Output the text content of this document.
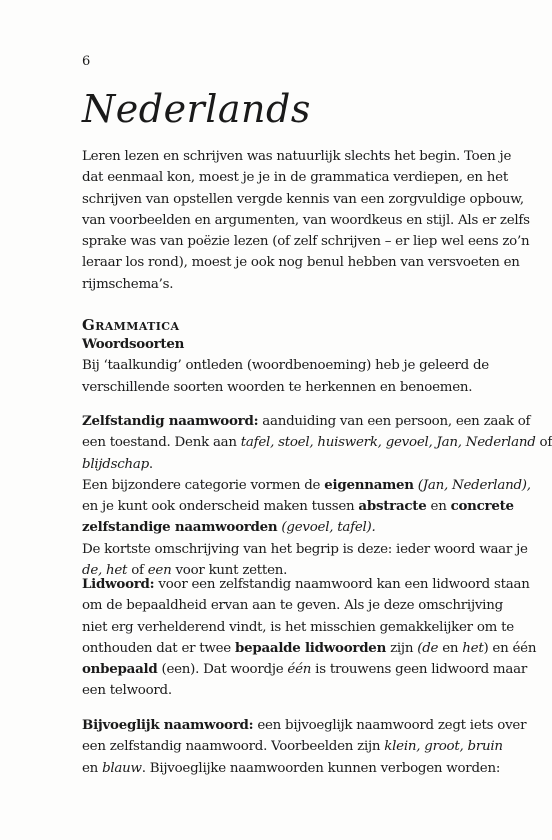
6
Nederlands

Leren lezen en schrijven was natuurlijk slechts het begin. Toen je
dat eenmaal kon, moest je je in de grammatica verdiepen, en het
schrijven van opstellen vergde kennis van een zorgvuldige opbouw,
van voorbeelden en argumenten, van woordkeus en stijl. Als er zelfs
sprake was van poëzie lezen (of zelf schrijven – er liep wel eens zo’n
leraar los rond), moest je ook nog benul hebben van versvoeten en
rijmschema’s.

Grammatica

Woordsoorten
Bij ‘taalkundig’ ontleden (woordbenoeming) heb je geleerd de
verschillende soorten woorden te herkennen en benoemen.

Zelfstandig naamwoord: aanduiding van een persoon, een zaak of
een toestand. Denk aan tafel, stoel, huiswerk, gevoel, Jan, Nederland of
blijdschap.
Een bijzondere categorie vormen de eigennamen (Jan, Nederland),
en je kunt ook onderscheid maken tussen abstracte en concrete
zelfstandige naamwoorden (gevoel, tafel).
De kortste omschrijving van het begrip is deze: ieder woord waar je
de, het of een voor kunt zetten.

Lidwoord: voor een zelfstandig naamwoord kan een lidwoord staan
om de bepaaldheid ervan aan te geven. Als je deze omschrijving
niet erg verhelderend vindt, is het misschien gemakkelijker om te
onthouden dat er twee bepaalde lidwoorden zijn (de en het) en één
onbepaald (een). Dat woordje één is trouwens geen lidwoord maar
een telwoord.

Bijvoeglijk naamwoord: een bijvoeglijk naamwoord zegt iets over
een zelfstandig naamwoord. Voorbeelden zijn klein, groot, bruin
en blauw. Bijvoeglijke naamwoorden kunnen verbogen worden:
